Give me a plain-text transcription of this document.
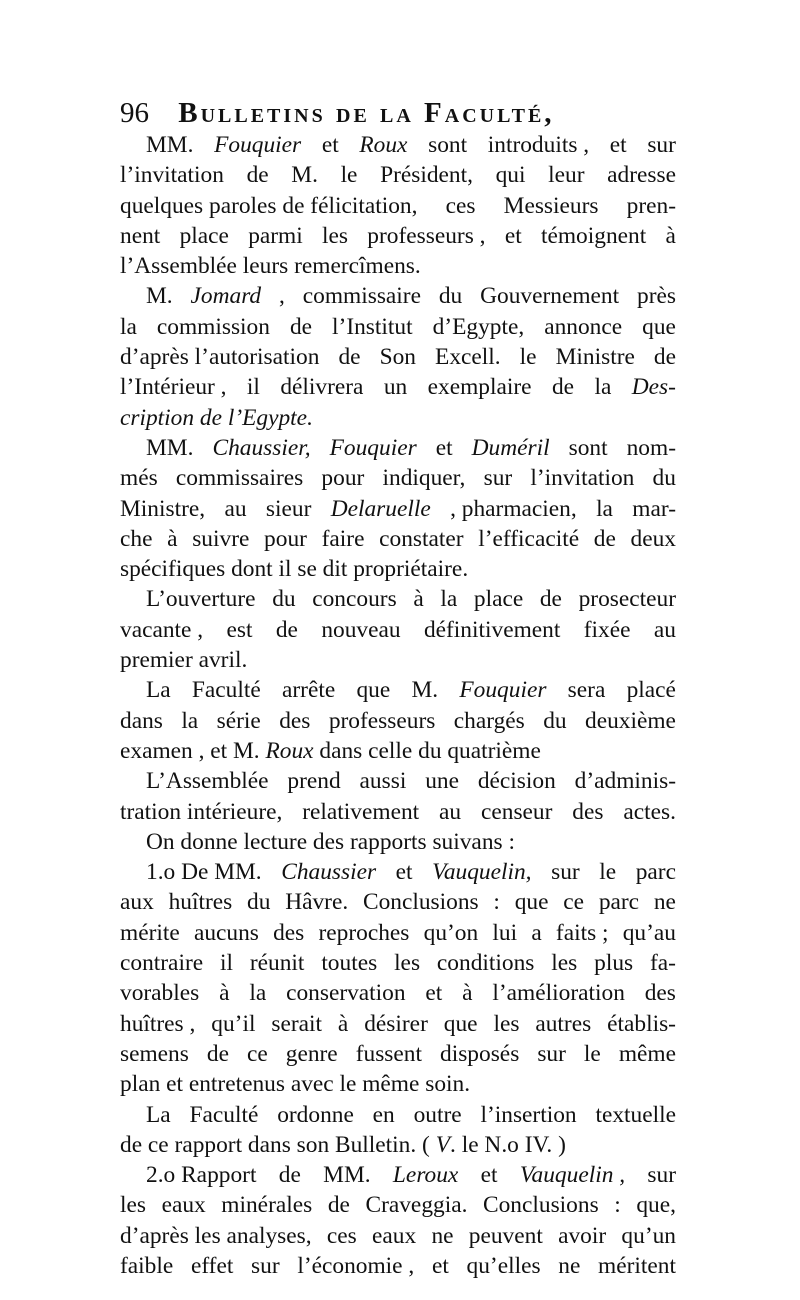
96 Bulletins de la Faculté,
MM. Fouquier et Roux sont introduits , et sur
l’invitation de M. le Président, qui leur adresse
quelques paroles de félicitation, ces Messieurs pren-
nent place parmi les professeurs , et témoignent à
l’Assemblée leurs remercîmens.
M. Jomard , commissaire du Gouvernement près
la commission de l’Institut d’Egypte, annonce que
d’après l’autorisation de Son Excell. le Ministre de
l’Intérieur , il délivrera un exemplaire de la Des-
cription de l’Egypte.
MM. Chaussier, Fouquier et Duméril sont nom-
més commissaires pour indiquer, sur l’invitation du
Ministre, au sieur Delaruelle , pharmacien, la mar-
che à suivre pour faire constater l’efficacité de deux
spécifiques dont il se dit propriétaire.
L’ouverture du concours à la place de prosecteur
vacante , est de nouveau définitivement fixée au
premier avril.
La Faculté arrête que M. Fouquier sera placé
dans la série des professeurs chargés du deuxième
examen , et M. Roux dans celle du quatrième
L’Assemblée prend aussi une décision d’adminis-
tration intérieure, relativement au censeur des actes.
On donne lecture des rapports suivans :
1.o De MM. Chaussier et Vauquelin, sur le parc
aux huîtres du Hâvre. Conclusions : que ce parc ne
mérite aucuns des reproches qu’on lui a faits ; qu’au
contraire il réunit toutes les conditions les plus fa-
vorables à la conservation et à l’amélioration des
huîtres , qu’il serait à désirer que les autres établis-
semens de ce genre fussent disposés sur le même
plan et entretenus avec le même soin.
La Faculté ordonne en outre l’insertion textuelle
de ce rapport dans son Bulletin. ( V . le N.o IV. )
2.o Rapport de MM. Leroux et Vauquelin , sur
les eaux minérales de Craveggia. Conclusions : que,
d’après les analyses, ces eaux ne peuvent avoir qu’un
faible effet sur l’économie , et qu’elles ne méritent
